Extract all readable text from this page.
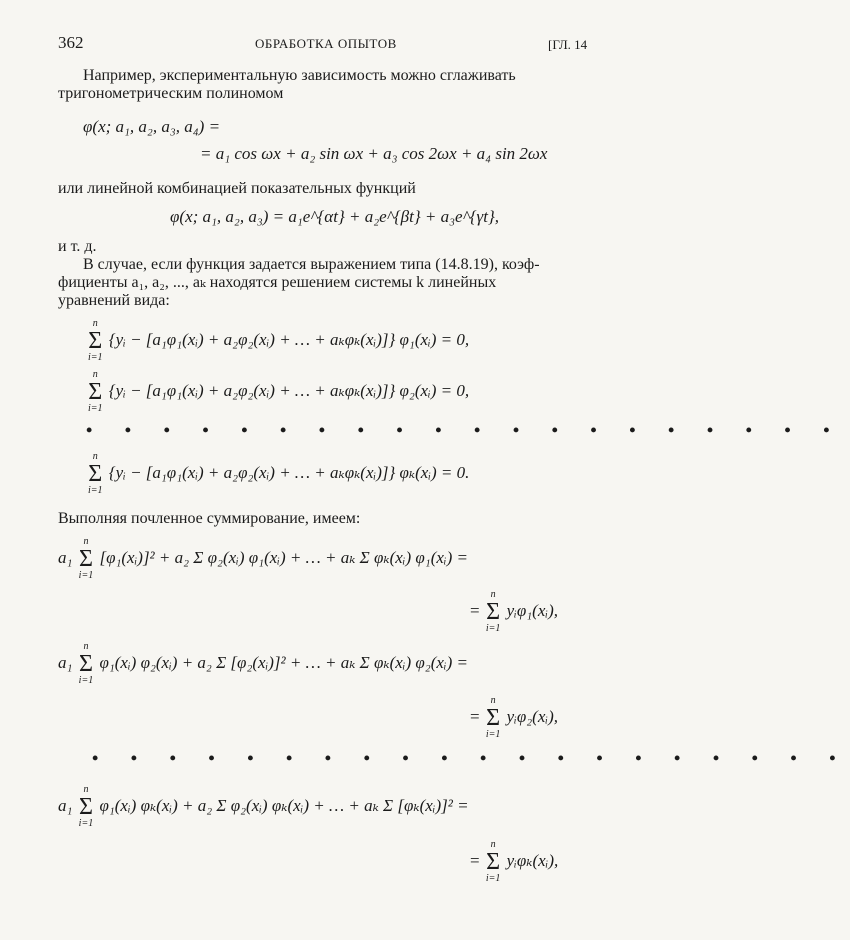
362	ОБРАБОТКА ОПЫТОВ	[ГЛ. 14
Например, экспериментальную зависимость можно сглаживать
тригонометрическим полиномом
φ(x; a₁, a₂, a₃, a₄) =
= a₁ cos ωx + a₂ sin ωx + a₃ cos 2ωx + a₄ sin 2ωx
или линейной комбинацией показательных функций
φ(x; a₁, a₂, a₃) = a₁e^{αt} + a₂e^{βt} + a₃e^{γt},
и т. д.
В случае, если функция задается выражением типа (14.8.19), коэф-
фициенты a₁, a₂, ..., aₖ находятся решением системы k линейных
уравнений вида:
n
Σ
i=1
{yᵢ − [a₁φ₁(xᵢ) + a₂φ₂(xᵢ) + … + aₖφₖ(xᵢ)]} φ₁(xᵢ) = 0,
n
Σ
i=1
{yᵢ − [a₁φ₁(xᵢ) + a₂φ₂(xᵢ) + … + aₖφₖ(xᵢ)]} φ₂(xᵢ) = 0,
• • • • • • • • • • • • • • • • • • • •
n
Σ
i=1
{yᵢ − [a₁φ₁(xᵢ) + a₂φ₂(xᵢ) + … + aₖφₖ(xᵢ)]} φₖ(xᵢ) = 0.
Выполняя почленное суммирование, имеем:
a₁
n
Σ
i=1
[φ₁(xᵢ)]² + a₂ Σ φ₂(xᵢ) φ₁(xᵢ) + … + aₖ Σ φₖ(xᵢ) φ₁(xᵢ) =
=
n
Σ
i=1
yᵢφ₁(xᵢ),
a₁
n
Σ
i=1
φ₁(xᵢ) φ₂(xᵢ) + a₂ Σ [φ₂(xᵢ)]² + … + aₖ Σ φₖ(xᵢ) φ₂(xᵢ) =
=
n
Σ
i=1
yᵢφ₂(xᵢ),
• • • • • • • • • • • • • • • • • • • •
a₁
n
Σ
i=1
φ₁(xᵢ) φₖ(xᵢ) + a₂ Σ φ₂(xᵢ) φₖ(xᵢ) + … + aₖ Σ [φₖ(xᵢ)]² =
=
n
Σ
i=1
yᵢφₖ(xᵢ),
